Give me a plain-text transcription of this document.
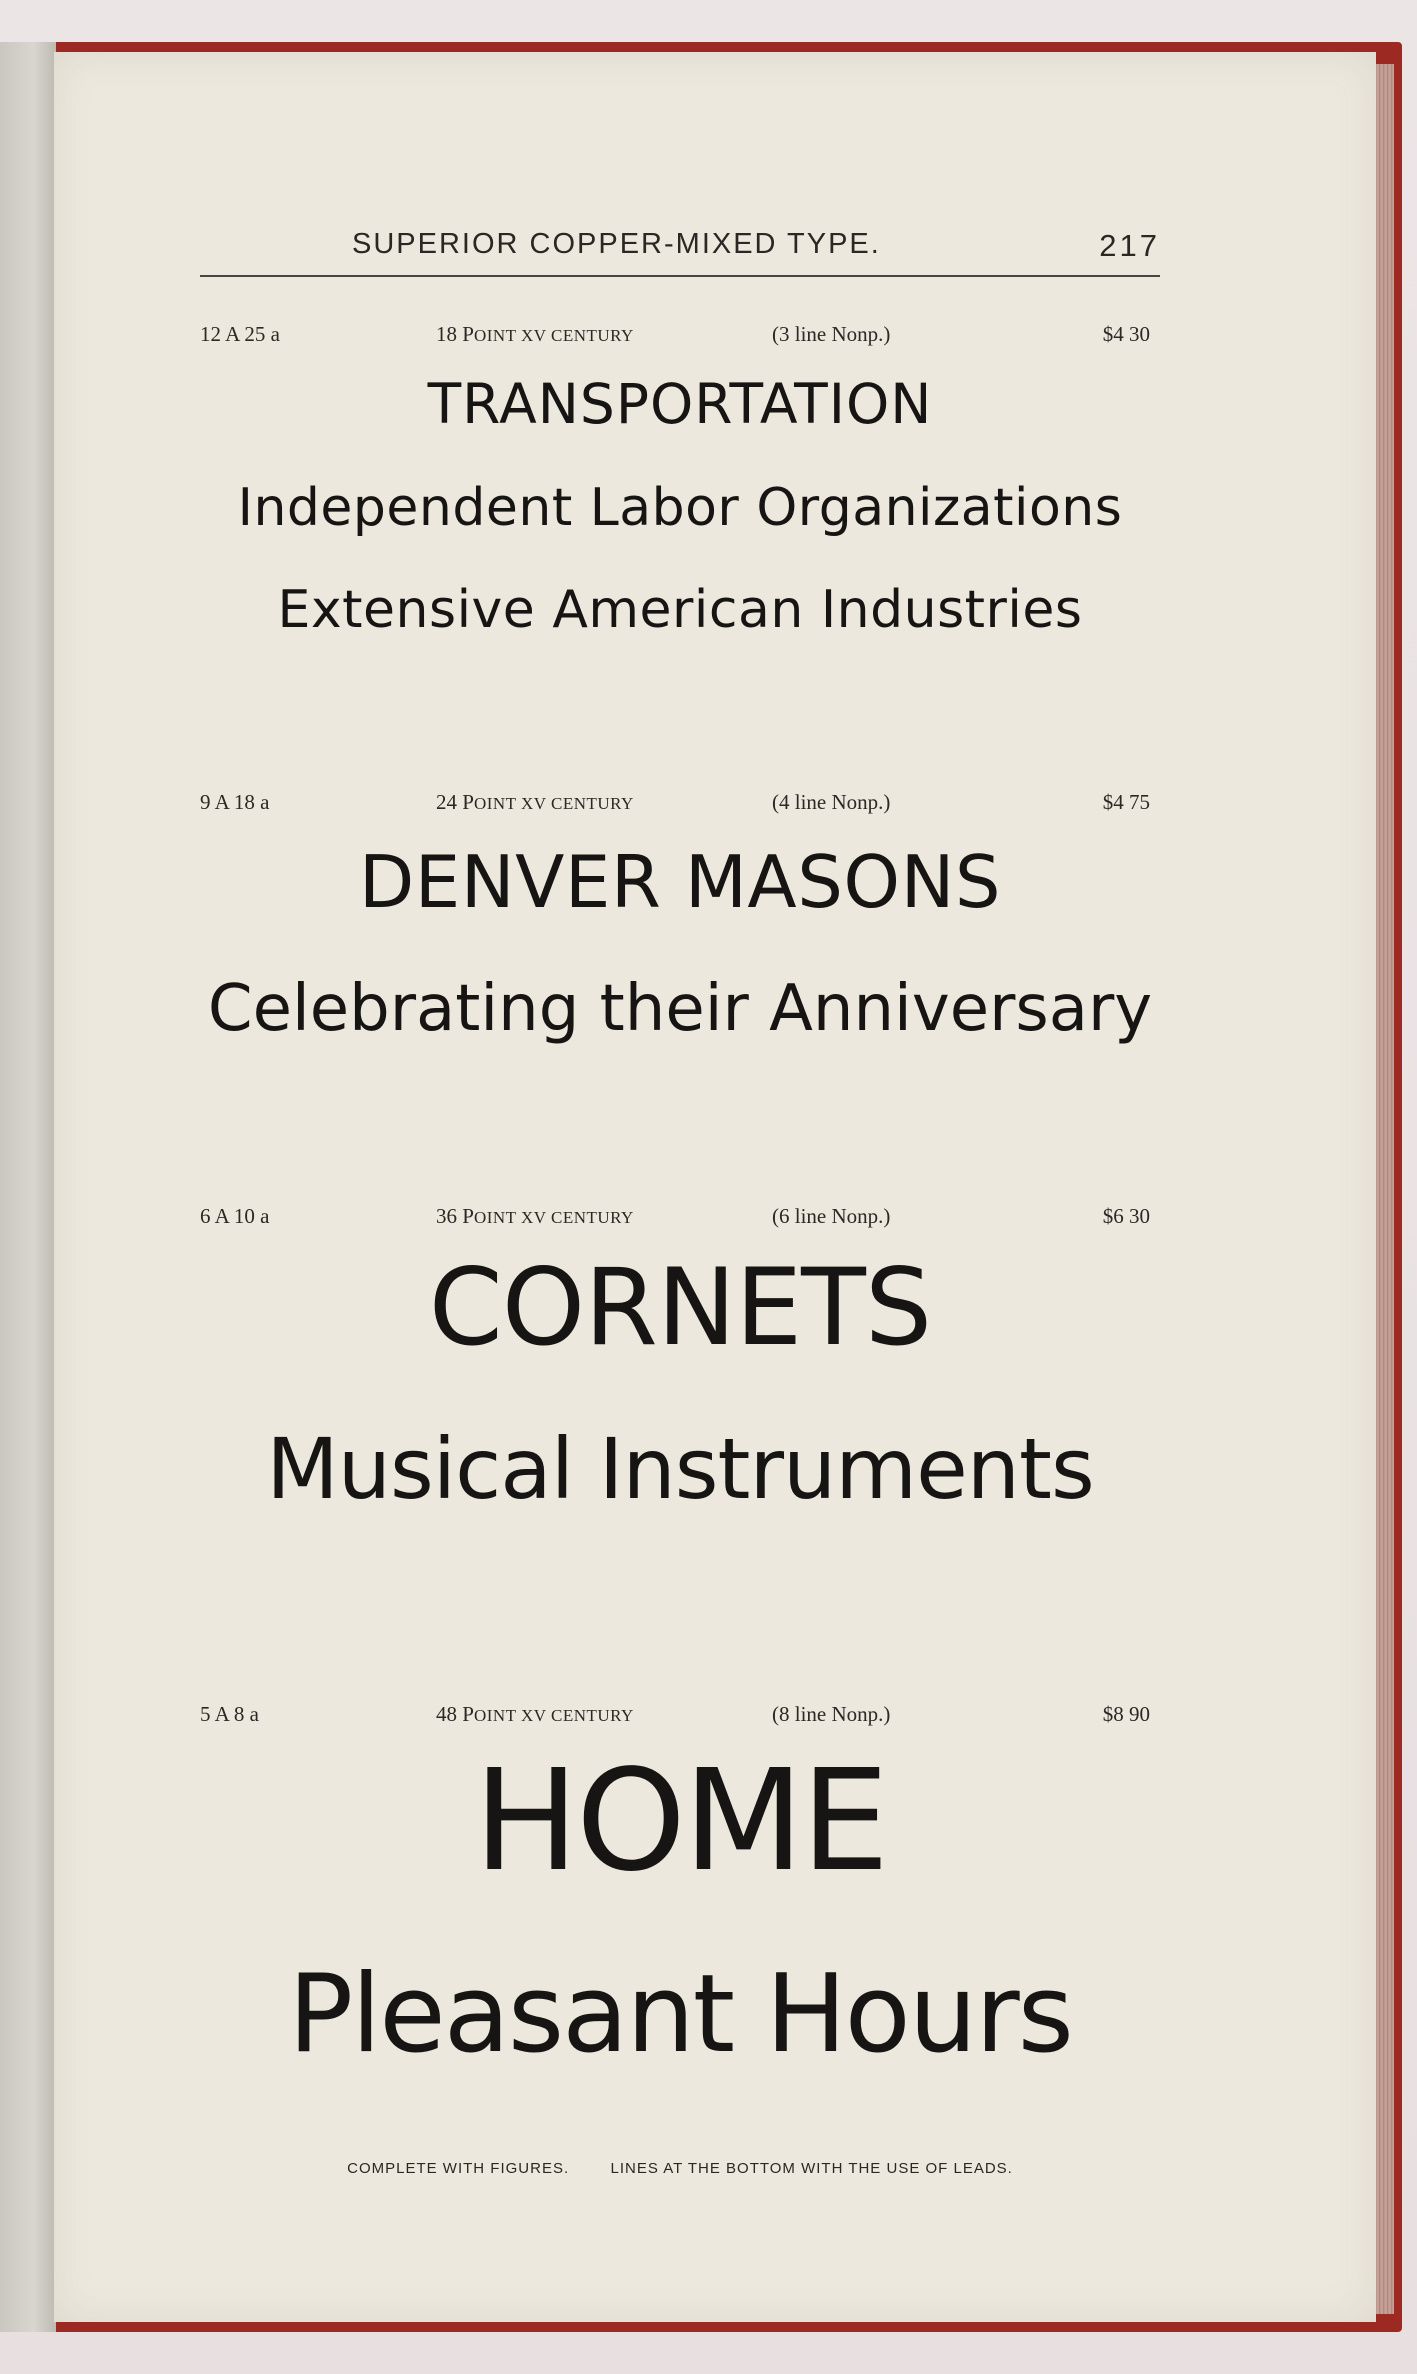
SUPERIOR COPPER-MIXED TYPE.	217
12 A 25 a	18 POINT XV CENTURY	(3 line Nonp.)	$4 30
TRANSPORTATION
Independent Labor Organizations
Extensive American Industries
9 A 18 a	24 POINT XV CENTURY	(4 line Nonp.)	$4 75
DENVER MASONS
Celebrating their Anniversary
6 A 10 a	36 POINT XV CENTURY	(6 line Nonp.)	$6 30
CORNETS
Musical Instruments
5 A 8 a	48 POINT XV CENTURY	(8 line Nonp.)	$8 90
HOME
Pleasant Hours
COMPLETE WITH FIGURES.	LINES AT THE BOTTOM WITH THE USE OF LEADS.
